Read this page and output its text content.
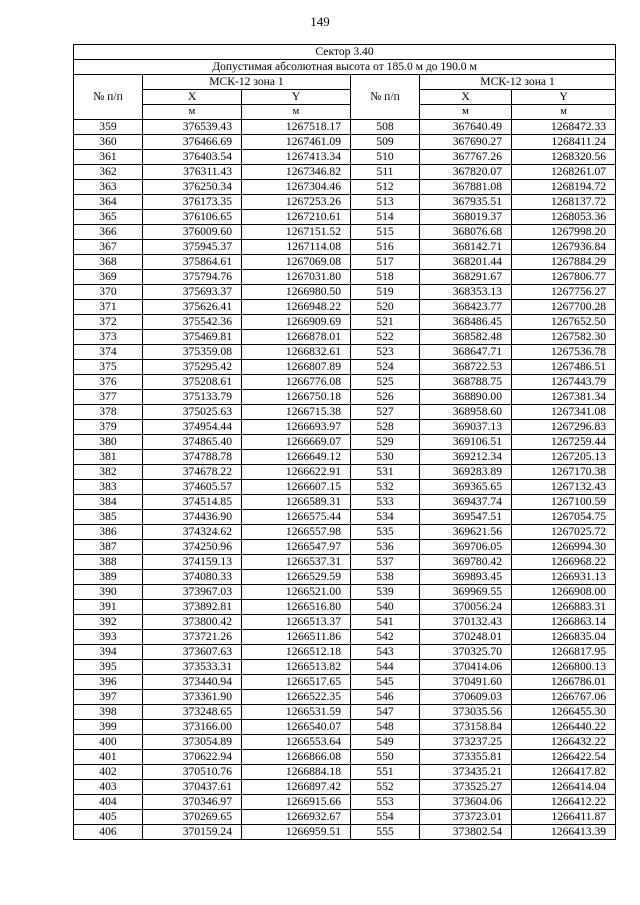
149
Сектор 3.40					
Допустимая абсолютная высота от 185.0 м до 190.0 м					
№ п/п	МСК-12 зона 1		№ п/п	МСК-12 зона 1	
	X	Y		X	Y
	м	м		м	м
359	376539.43	1267518.17	508	367640.49	1268472.33
360	376466.69	1267461.09	509	367690.27	1268411.24
361	376403.54	1267413.34	510	367767.26	1268320.56
362	376311.43	1267346.82	511	367820.07	1268261.07
363	376250.34	1267304.46	512	367881.08	1268194.72
364	376173.35	1267253.26	513	367935.51	1268137.72
365	376106.65	1267210.61	514	368019.37	1268053.36
366	376009.60	1267151.52	515	368076.68	1267998.20
367	375945.37	1267114.08	516	368142.71	1267936.84
368	375864.61	1267069.08	517	368201.44	1267884.29
369	375794.76	1267031.80	518	368291.67	1267806.77
370	375693.37	1266980.50	519	368353.13	1267756.27
371	375626.41	1266948.22	520	368423.77	1267700.28
372	375542.36	1266909.69	521	368486.45	1267652.50
373	375469.81	1266878.01	522	368582.48	1267582.30
374	375359.08	1266832.61	523	368647.71	1267536.78
375	375295.42	1266807.89	524	368722.53	1267486.51
376	375208.61	1266776.08	525	368788.75	1267443.79
377	375133.79	1266750.18	526	368890.00	1267381.34
378	375025.63	1266715.38	527	368958.60	1267341.08
379	374954.44	1266693.97	528	369037.13	1267296.83
380	374865.40	1266669.07	529	369106.51	1267259.44
381	374788.78	1266649.12	530	369212.34	1267205.13
382	374678.22	1266622.91	531	369283.89	1267170.38
383	374605.57	1266607.15	532	369365.65	1267132.43
384	374514.85	1266589.31	533	369437.74	1267100.59
385	374436.90	1266575.44	534	369547.51	1267054.75
386	374324.62	1266557.98	535	369621.56	1267025.72
387	374250.96	1266547.97	536	369706.05	1266994.30
388	374159.13	1266537.31	537	369780.42	1266968.22
389	374080.33	1266529.59	538	369893.45	1266931.13
390	373967.03	1266521.00	539	369969.55	1266908.00
391	373892.81	1266516.80	540	370056.24	1266883.31
392	373800.42	1266513.37	541	370132.43	1266863.14
393	373721.26	1266511.86	542	370248.01	1266835.04
394	373607.63	1266512.18	543	370325.70	1266817.95
395	373533.31	1266513.82	544	370414.06	1266800.13
396	373440.94	1266517.65	545	370491.60	1266786.01
397	373361.90	1266522.35	546	370609.03	1266767.06
398	373248.65	1266531.59	547	373035.56	1266455.30
399	373166.00	1266540.07	548	373158.84	1266440.22
400	373054.89	1266553.64	549	373237.25	1266432.22
401	370622.94	1266866.08	550	373355.81	1266422.54
402	370510.76	1266884.18	551	373435.21	1266417.82
403	370437.61	1266897.42	552	373525.27	1266414.04
404	370346.97	1266915.66	553	373604.06	1266412.22
405	370269.65	1266932.67	554	373723.01	1266411.87
406	370159.24	1266959.51	555	373802.54	1266413.39
